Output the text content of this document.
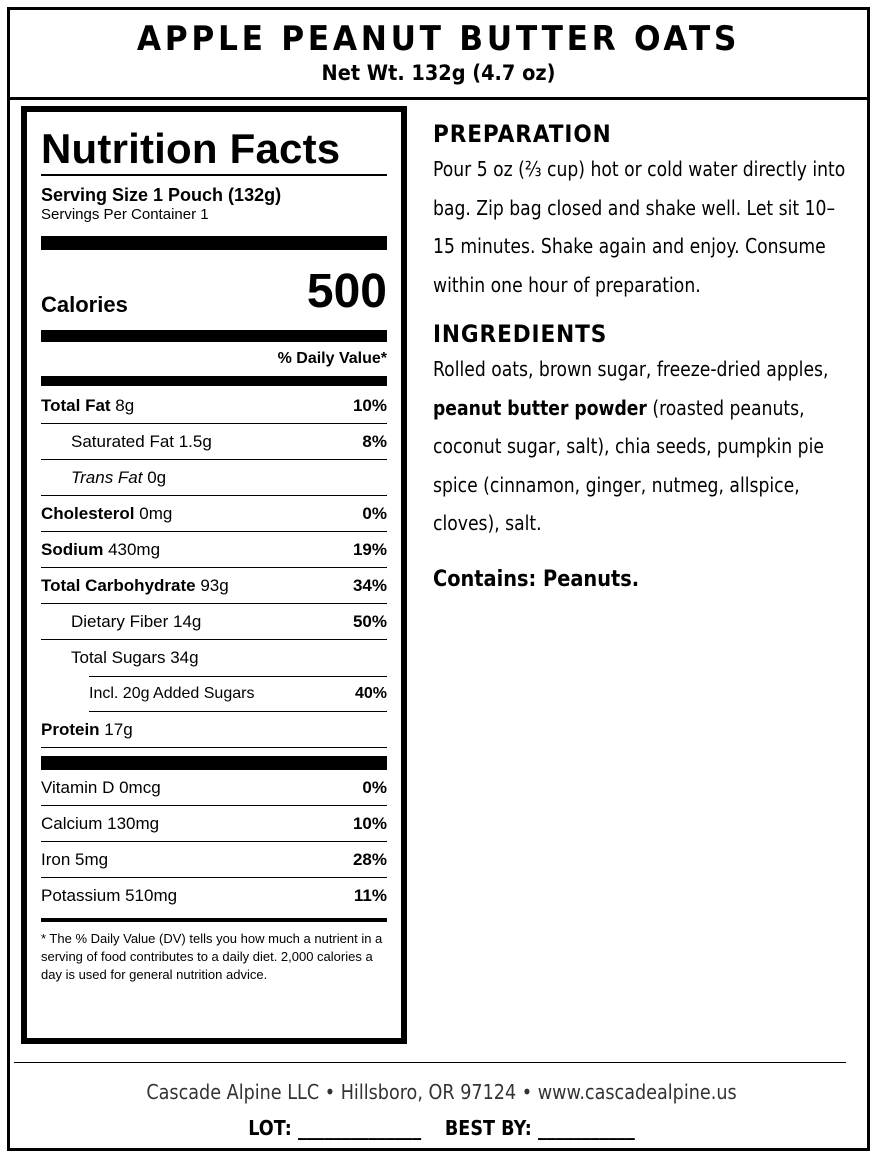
APPLE PEANUT BUTTER OATS
Net Wt. 132g (4.7 oz)
Nutrition Facts
Serving Size 1 Pouch (132g)
Servings Per Container 1
Calories	500
% Daily Value*
Total Fat 8g	10%
Saturated Fat 1.5g	8%
Trans Fat 0g
Cholesterol 0mg	0%
Sodium 430mg	19%
Total Carbohydrate 93g	34%
Dietary Fiber 14g	50%
Total Sugars 34g
Incl. 20g Added Sugars	40%
Protein 17g
Vitamin D 0mcg	0%
Calcium 130mg	10%
Iron 5mg	28%
Potassium 510mg	11%
* The % Daily Value (DV) tells you how much a nutrient in a serving of food contributes to a daily diet. 2,000 calories a day is used for general nutrition advice.
PREPARATION
Pour 5 oz (⅔ cup) hot or cold water directly into bag. Zip bag closed and shake well. Let sit 10–15 minutes. Shake again and enjoy. Consume within one hour of preparation.
INGREDIENTS
Rolled oats, brown sugar, freeze-dried apples, peanut butter powder (roasted peanuts, coconut sugar, salt), chia seeds, pumpkin pie spice (cinnamon, ginger, nutmeg, allspice, cloves), salt.
Contains: Peanuts.
Cascade Alpine LLC • Hillsboro, OR 97124 • www.cascadealpine.us
LOT: ______________ BEST BY: ___________
